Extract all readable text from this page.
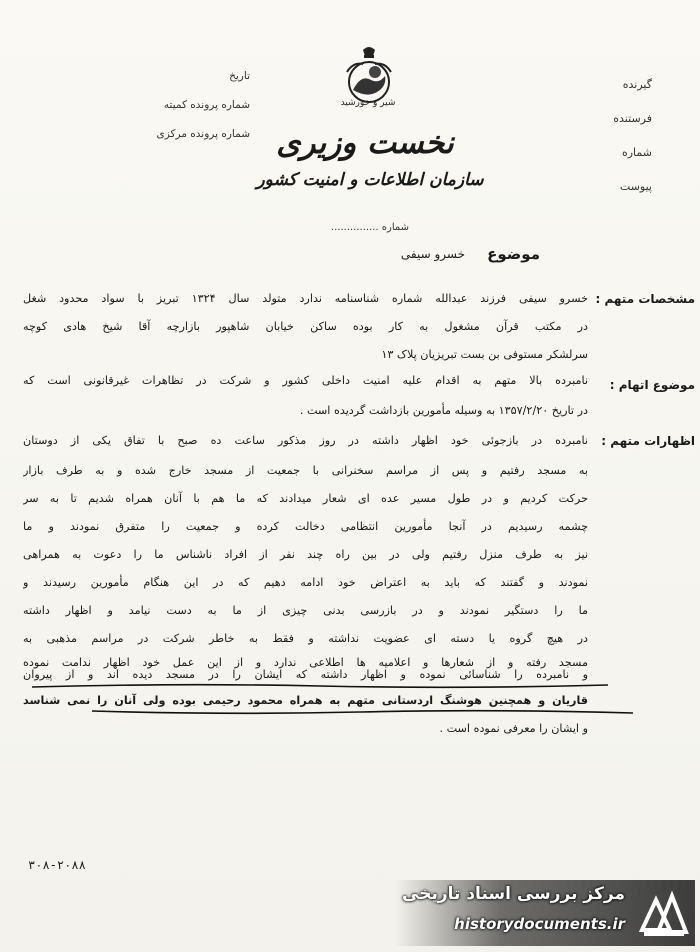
گیرنده
فرستنده
شماره
پیوست
تاریخ
شماره پرونده کمیته
شماره پرونده مرکزی
شیر و خورشید
نخست وزیری
سازمان اطلاعات و امنیت کشور
شماره ...............
موضوع
خسرو سیفی
مشخصات متهم :
خسرو سیفی فرزند عبدالله شماره شناسنامه ندارد متولد سال ۱۳۲۴ تبریز با سواد محدود شغل
در مکتب قرآن مشغول به کار بوده ساکن خیابان شاهپور بازارچه آقا شیخ هادی کوچه
سرلشکر مستوفی بن بست تبریزیان پلاک ۱۳
موضوع اتهام :
نامبرده بالا متهم به اقدام علیه امنیت داخلی کشور و شرکت در تظاهرات غیرقانونی است که
در تاریخ ۱۳۵۷/۲/۲۰ به وسیله مأمورین بازداشت گردیده است .
اظهارات متهم :
نامبرده در بازجوئی خود اظهار داشته در روز مذکور ساعت ده صبح با تفاق یکی از دوستان
به مسجد رفتیم و پس از مراسم سخنرانی با جمعیت از مسجد خارج شده و به طرف بازار
حرکت کردیم و در طول مسیر عده ای شعار میدادند که ما هم با آنان همراه شدیم تا به سر
چشمه رسیدیم در آنجا مأمورین انتظامی دخالت کرده و جمعیت را متفرق نمودند و ما
نیز به طرف منزل رفتیم ولی در بین راه چند نفر از افراد ناشناس ما را دعوت به همراهی
نمودند و گفتند که باید به اعتراض خود ادامه دهیم که در این هنگام مأمورین رسیدند و
ما را دستگیر نمودند و در بازرسی بدنی چیزی از ما به دست نیامد و اظهار داشته
در هیچ گروه یا دسته ای عضویت نداشته و فقط به خاطر شرکت در مراسم مذهبی به
مسجد رفته و از شعارها و اعلامیه ها اطلاعی ندارد و از این عمل خود اظهار ندامت نموده
و نامبرده را شناسائی نموده و اظهار داشته که ایشان را در مسجد دیده اند و از پیروان
قاریان و همچنین هوشنگ اردستانی متهم به همراه محمود رحیمی بوده ولی آنان را نمی شناسد
و ایشان را معرفی نموده است .
۳۰۸-۲۰۸۸
مرکز بررسی اسناد تاریخی
historydocuments.ir
